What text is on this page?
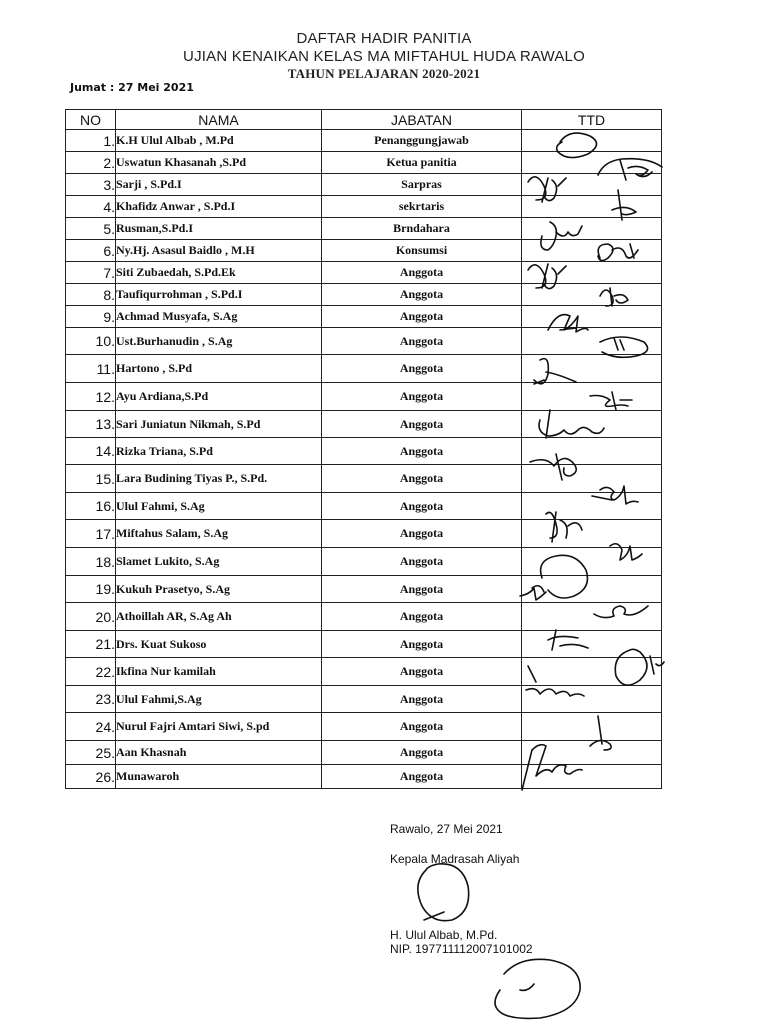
DAFTAR HADIR PANITIA
UJIAN KENAIKAN KELAS MA MIFTAHUL HUDA RAWALO
TAHUN PELAJARAN 2020-2021
Jumat : 27 Mei 2021
NO	NAMA	JABATAN	TTD
1.	K.H Ulul Albab , M.Pd	Penanggungjawab	
2.	Uswatun Khasanah ,S.Pd	Ketua panitia	
3.	Sarji , S.Pd.I	Sarpras	
4.	Khafidz Anwar , S.Pd.I	sekrtaris	
5.	Rusman,S.Pd.I	Brndahara	
6.	Ny.Hj. Asasul Baidlo , M.H	Konsumsi	
7.	Siti Zubaedah, S.Pd.Ek	Anggota	
8.	Taufiqurrohman , S.Pd.I	Anggota	
9.	Achmad Musyafa, S.Ag	Anggota	
10.	Ust.Burhanudin , S.Ag	Anggota	
11.	Hartono , S.Pd	Anggota	
12.	Ayu Ardiana,S.Pd	Anggota	
13.	Sari Juniatun Nikmah, S.Pd	Anggota	
14.	Rizka Triana, S.Pd	Anggota	
15.	Lara Budining Tiyas P., S.Pd.	Anggota	
16.	Ulul Fahmi, S.Ag	Anggota	
17.	Miftahus Salam, S.Ag	Anggota	
18.	Slamet Lukito, S.Ag	Anggota	
19.	Kukuh Prasetyo, S.Ag	Anggota	
20.	Athoillah AR, S.Ag Ah	Anggota	
21.	Drs. Kuat Sukoso	Anggota	
22.	Ikfina Nur kamilah	Anggota	
23.	Ulul Fahmi,S.Ag	Anggota	
24.	Nurul Fajri Amtari Siwi, S.pd	Anggota	
25.	Aan Khasnah	Anggota	
26.	Munawaroh	Anggota	
Rawalo, 27 Mei 2021
Kepala Madrasah Aliyah
H. Ulul Albab, M.Pd.
NIP. 197711112007101002
